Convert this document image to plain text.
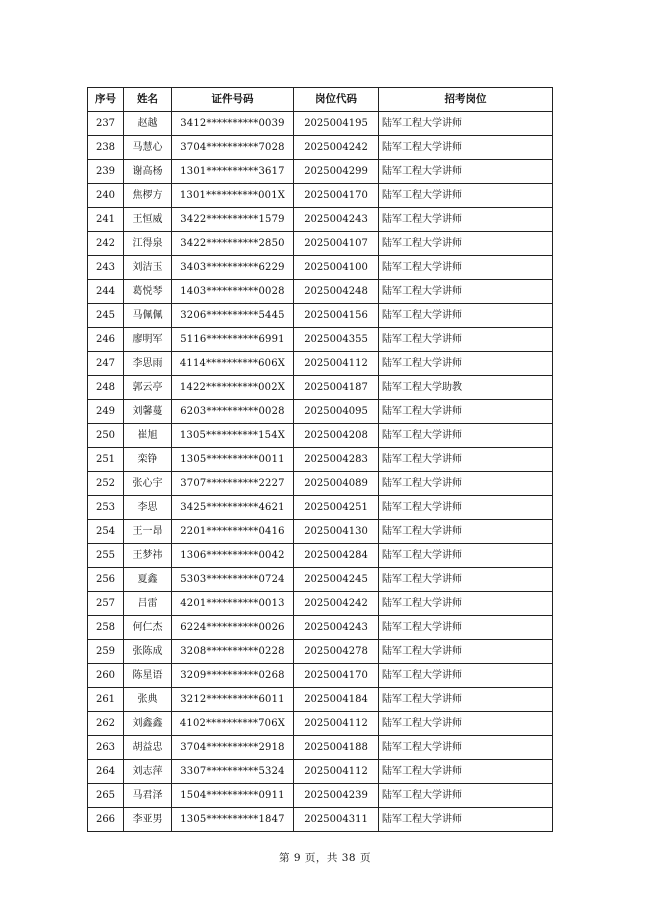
序号	姓名	证件号码	岗位代码	招考岗位
237	赵越	3412**********0039	2025004195	陆军工程大学讲师
238	马慧心	3704**********7028	2025004242	陆军工程大学讲师
239	谢高杨	1301**********3617	2025004299	陆军工程大学讲师
240	焦椤方	1301**********001X	2025004170	陆军工程大学讲师
241	王恒威	3422**********1579	2025004243	陆军工程大学讲师
242	江得泉	3422**********2850	2025004107	陆军工程大学讲师
243	刘洁玉	3403**********6229	2025004100	陆军工程大学讲师
244	葛悦琴	1403**********0028	2025004248	陆军工程大学讲师
245	马佩佩	3206**********5445	2025004156	陆军工程大学讲师
246	廖明军	5116**********6991	2025004355	陆军工程大学讲师
247	李思雨	4114**********606X	2025004112	陆军工程大学讲师
248	郭云亭	1422**********002X	2025004187	陆军工程大学助教
249	刘馨蔓	6203**********0028	2025004095	陆军工程大学讲师
250	崔旭	1305**********154X	2025004208	陆军工程大学讲师
251	栾铮	1305**********0011	2025004283	陆军工程大学讲师
252	张心宇	3707**********2227	2025004089	陆军工程大学讲师
253	李思	3425**********4621	2025004251	陆军工程大学讲师
254	王一昂	2201**********0416	2025004130	陆军工程大学讲师
255	王梦祎	1306**********0042	2025004284	陆军工程大学讲师
256	夏鑫	5303**********0724	2025004245	陆军工程大学讲师
257	吕雷	4201**********0013	2025004242	陆军工程大学讲师
258	何仁杰	6224**********0026	2025004243	陆军工程大学讲师
259	张陈成	3208**********0228	2025004278	陆军工程大学讲师
260	陈星语	3209**********0268	2025004170	陆军工程大学讲师
261	张典	3212**********6011	2025004184	陆军工程大学讲师
262	刘鑫鑫	4102**********706X	2025004112	陆军工程大学讲师
263	胡益忠	3704**********2918	2025004188	陆军工程大学讲师
264	刘志萍	3307**********5324	2025004112	陆军工程大学讲师
265	马君泽	1504**********0911	2025004239	陆军工程大学讲师
266	李亚男	1305**********1847	2025004311	陆军工程大学讲师
第 9 页，共 38 页
